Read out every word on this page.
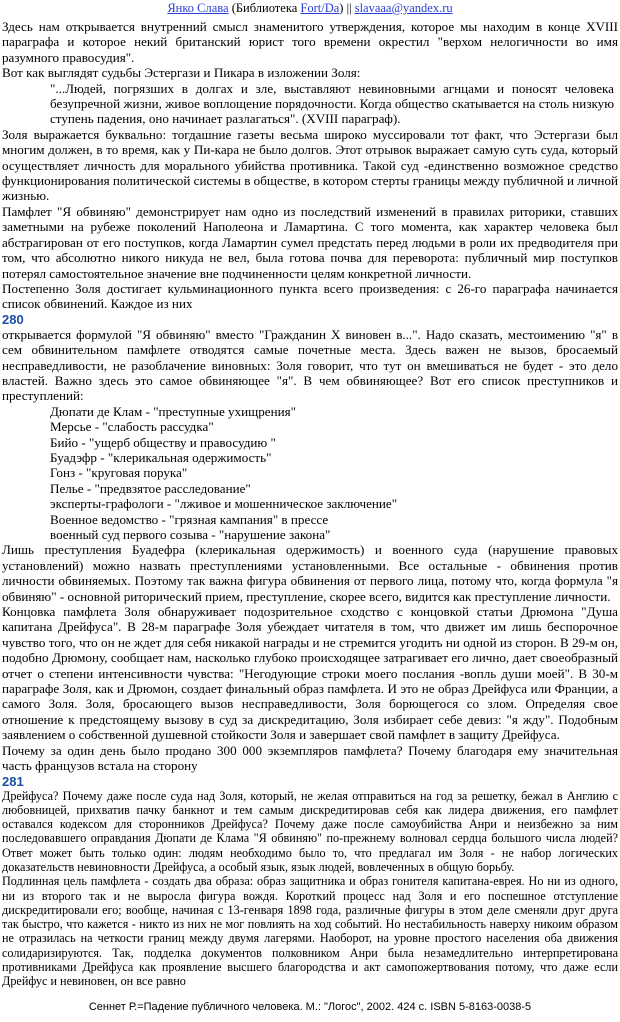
Янко Слава (Библиотека Fort/Da) || slavaaa@yandex.ru

Здесь нам открывается внутренний смысл знаменитого утверждения, которое мы находим в конце XVIII параграфа и которое некий британский юрист того времени окрестил "верхом нелогичности во имя разумного правосудия".

Вот как выглядят судьбы Эстергази и Пикара в изложении Золя:

"...Людей, погрязших в долгах и зле, выставляют невиновными агнцами и поносят человека безупречной жизни, живое воплощение порядочности. Когда общество скатывается на столь низкую ступень падения, оно начинает разлагаться". (XVIII параграф).

Золя выражается буквально: тогдашние газеты весьма широко муссировали тот факт, что Эстергази был многим должен, в то время, как у Пи-кара не было долгов. Этот отрывок выражает самую суть суда, который осуществляет личность для морального убийства противника. Такой суд -единственно возможное средство функционирования политической системы в обществе, в котором стерты границы между публичной и личной жизнью.

Памфлет "Я обвиняю" демонстрирует нам одно из последствий изменений в правилах риторики, ставших заметными на рубеже поколений Наполеона и Ламартина. С того момента, как характер человека был абстрагирован от его поступков, когда Ламартин сумел предстать перед людьми в роли их предводителя при том, что абсолютно никого никуда не вел, была готова почва для переворота: публичный мир поступков потерял самостоятельное значение вне подчиненности целям конкретной личности.

Постепенно Золя достигает кульминационного пункта всего произведения: с 26-го параграфа начинается список обвинений. Каждое из них

280

открывается формулой "Я обвиняю" вместо "Гражданин X виновен в...". Надо сказать, местоимению "я" в сем обвинительном памфлете отводятся самые почетные места. Здесь важен не вызов, бросаемый несправедливости, не разоблачение виновных: Золя говорит, что тут он вмешиваться не будет - это дело властей. Важно здесь это самое обвиняющее "я". В чем обвиняющее? Вот его список преступников и преступлений:

Дюпати де Клам - "преступные ухищрения"
Мерсье - "слабость рассудка"
Бийо - "ущерб обществу и правосудию "
Буадэфр - "клерикальная одержимость"
Гонз - "круговая порука"
Пелье - "предвзятое расследование"
эксперты-графологи - "лживое и мошенническое заключение"
Военное ведомство - "грязная кампания" в прессе
военный суд первого созыва - "нарушение закона"

Лишь преступления Буадефра (клерикальная одержимость) и военного суда (нарушение правовых установлений) можно назвать преступлениями установленными. Все остальные - обвинения против личности обвиняемых. Поэтому так важна фигура обвинения от первого лица, потому что, когда формула "я обвиняю" - основной риторический прием, преступление, скорее всего, видится как преступление личности.

Концовка памфлета Золя обнаруживает подозрительное сходство с концовкой статьи Дрюмона "Душа капитана Дрейфуса". В 28-м параграфе Золя убеждает читателя в том, что движет им лишь беспорочное чувство того, что он не ждет для себя никакой награды и не стремится угодить ни одной из сторон. В 29-м он, подобно Дрюмону, сообщает нам, насколько глубоко происходящее затрагивает его лично, дает своеобразный отчет о степени интенсивности чувства: "Негодующие строки моего послания -вопль души моей". В 30-м параграфе Золя, как и Дрюмон, создает финальный образ памфлета. И это не образ Дрейфуса или Франции, а самого Золя. Золя, бросающего вызов несправедливости, Золя борющегося со злом. Определяя свое отношение к предстоящему вызову в суд за дискредитацию, Золя избирает себе девиз: "я жду". Подобным заявлением о собственной душевной стойкости Золя и завершает свой памфлет в защиту Дрейфуса.

Почему за один день было продано 300 000 экземпляров памфлета? Почему благодаря ему значительная часть французов встала на сторону

281

Дрейфуса? Почему даже после суда над Золя, который, не желая отправиться на год за решетку, бежал в Англию с любовницей, прихватив пачку банкнот и тем самым дискредитировав себя как лидера движения, его памфлет оставался кодексом для сторонников Дрейфуса? Почему даже после самоубийства Анри и неизбежно за ним последовавшего оправдания Дюпати де Клама "Я обвиняю" по-прежнему волновал сердца большого числа людей? Ответ может быть только один: людям необходимо было то, что предлагал им Золя - не набор логических доказательств невиновности Дрейфуса, а особый язык, язык людей, вовлеченных в общую борьбу.

Подлинная цель памфлета - создать два образа: образ защитника и образ гонителя капитана-еврея. Но ни из одного, ни из второго так и не выросла фигура вождя. Короткий процесс над Золя и его поспешное отступление дискредитировали его; вообще, начиная с 13-генваря 1898 года, различные фигуры в этом деле сменяли друг друга так быстро, что кажется - никто из них не мог повлиять на ход событий. Но нестабильность наверху никоим образом не отразилась на четкости границ между двумя лагерями. Наоборот, на уровне простого населения оба движения солидаризируются. Так, подделка документов полковником Анри была незамедлительно интерпретирована противниками Дрейфуса как проявление высшего благородства и акт самопожертвования потому, что даже если Дрейфус и невиновен, он все равно

Сеннет Р.=Падение публичного человека. М.: "Логос", 2002. 424 с. ISBN 5-8163-0038-5
